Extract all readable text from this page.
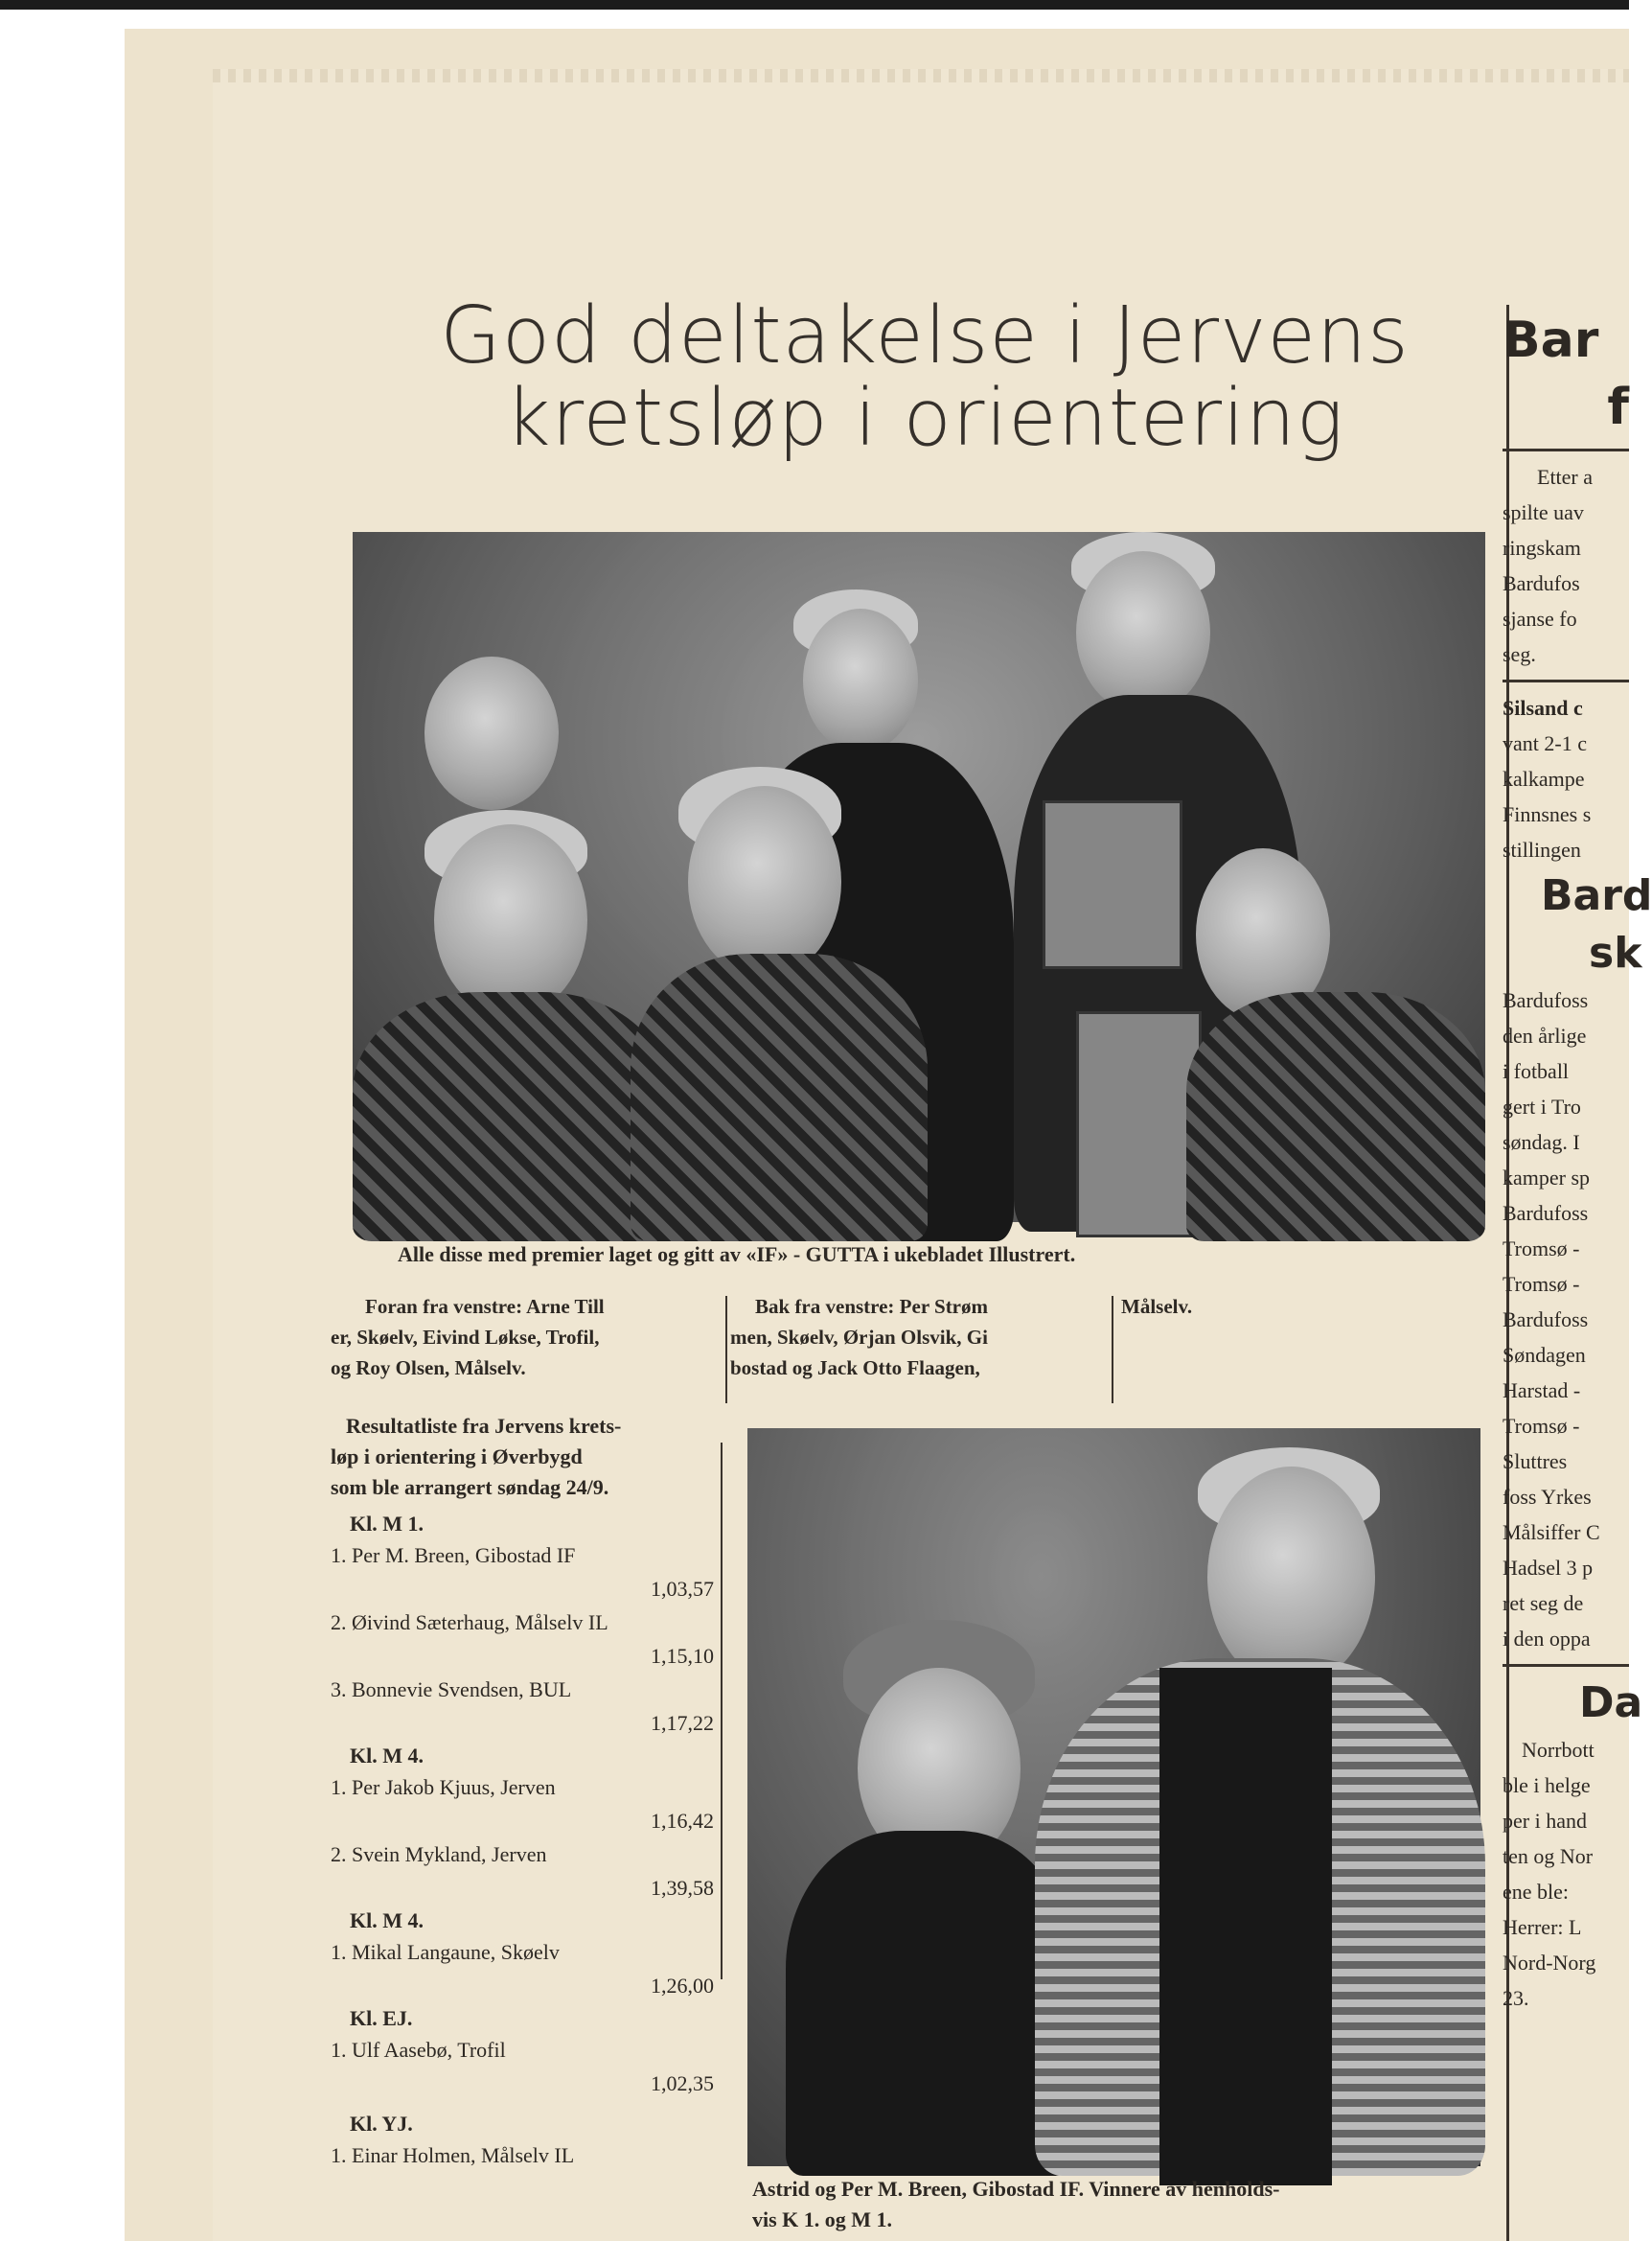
God deltakelse i Jervens
kretsløp i orientering
Alle disse med premier laget og gitt av «IF» - GUTTA i ukebladet Illustrert.
Foran fra venstre: Arne Till
er, Skøelv, Eivind Løkse, Trofil,
og Roy Olsen, Målselv.
Bak fra venstre: Per Strøm
men, Skøelv, Ørjan Olsvik, Gi
bostad og Jack Otto Flaagen,
Målselv.
Resultatliste fra Jervens krets-
løp i orientering i Øverbygd
som ble arrangert søndag 24/9.
Kl. M 1.
1. Per M. Breen, Gibostad IF
1,03,57
2. Øivind Sæterhaug, Målselv IL
1,15,10
3. Bonnevie Svendsen, BUL
1,17,22
Kl. M 4.
1. Per Jakob Kjuus, Jerven
1,16,42
2. Svein Mykland, Jerven
1,39,58
Kl. M 4.
1. Mikal Langaune, Skøelv
1,26,00
Kl. EJ.
1. Ulf Aasebø, Trofil
1,02,35
Kl. YJ.
1. Einar Holmen, Målselv IL
Astrid og Per M. Breen, Gibostad IF. Vinnere av henholds-
vis K 1. og M 1.
Bar
f
Etter a
spilte uav
ringskam
Bardufos
sjanse fo
seg.
Silsand c
vant 2-1 c
kalkampe
Finnsnes s
stillingen
Bard
sk
Bardufoss
den årlige
i fotball
gert i Tro
søndag. I
kamper sp
Bardufoss
Tromsø -
Tromsø -
Bardufoss
Søndagen
Harstad -
Tromsø -
Sluttres
foss Yrkes
Målsiffer C
Hadsel 3 p
ret seg de
i den oppa
Da
Norrbott
ble i helge
per i hand
ten og Nor
ene ble:
Herrer: L
Nord-Norg
23.
